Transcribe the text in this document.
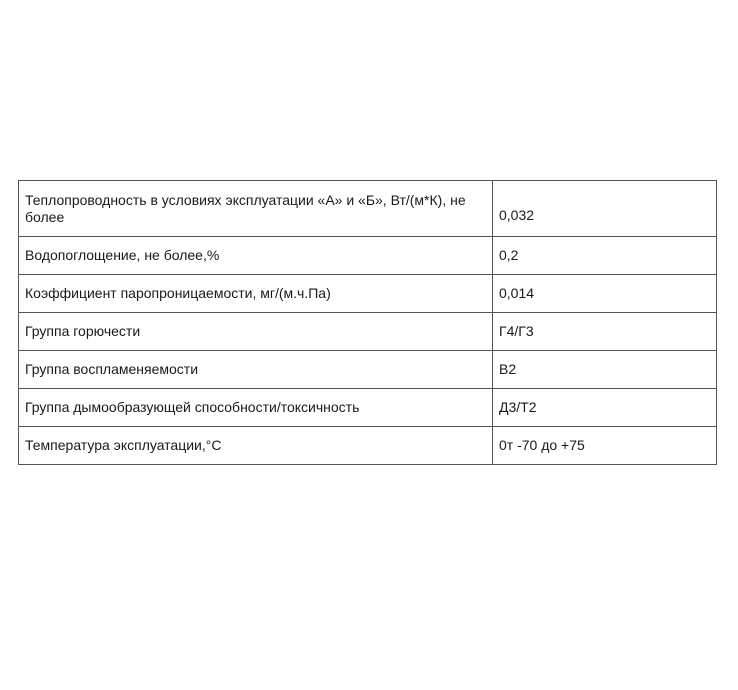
Теплопроводность в условиях эксплуатации «А» и «Б», Вт/(м*К), не более	0,032
Водопоглощение, не более,%	0,2
Коэффициент паропроницаемости, мг/(м.ч.Па)	0,014
Группа горючести	Г4/Г3
Группа воспламеняемости	В2
Группа дымообразующей способности/токсичность	Д3/Т2
Температура эксплуатации,°С	0т -70 до +75
